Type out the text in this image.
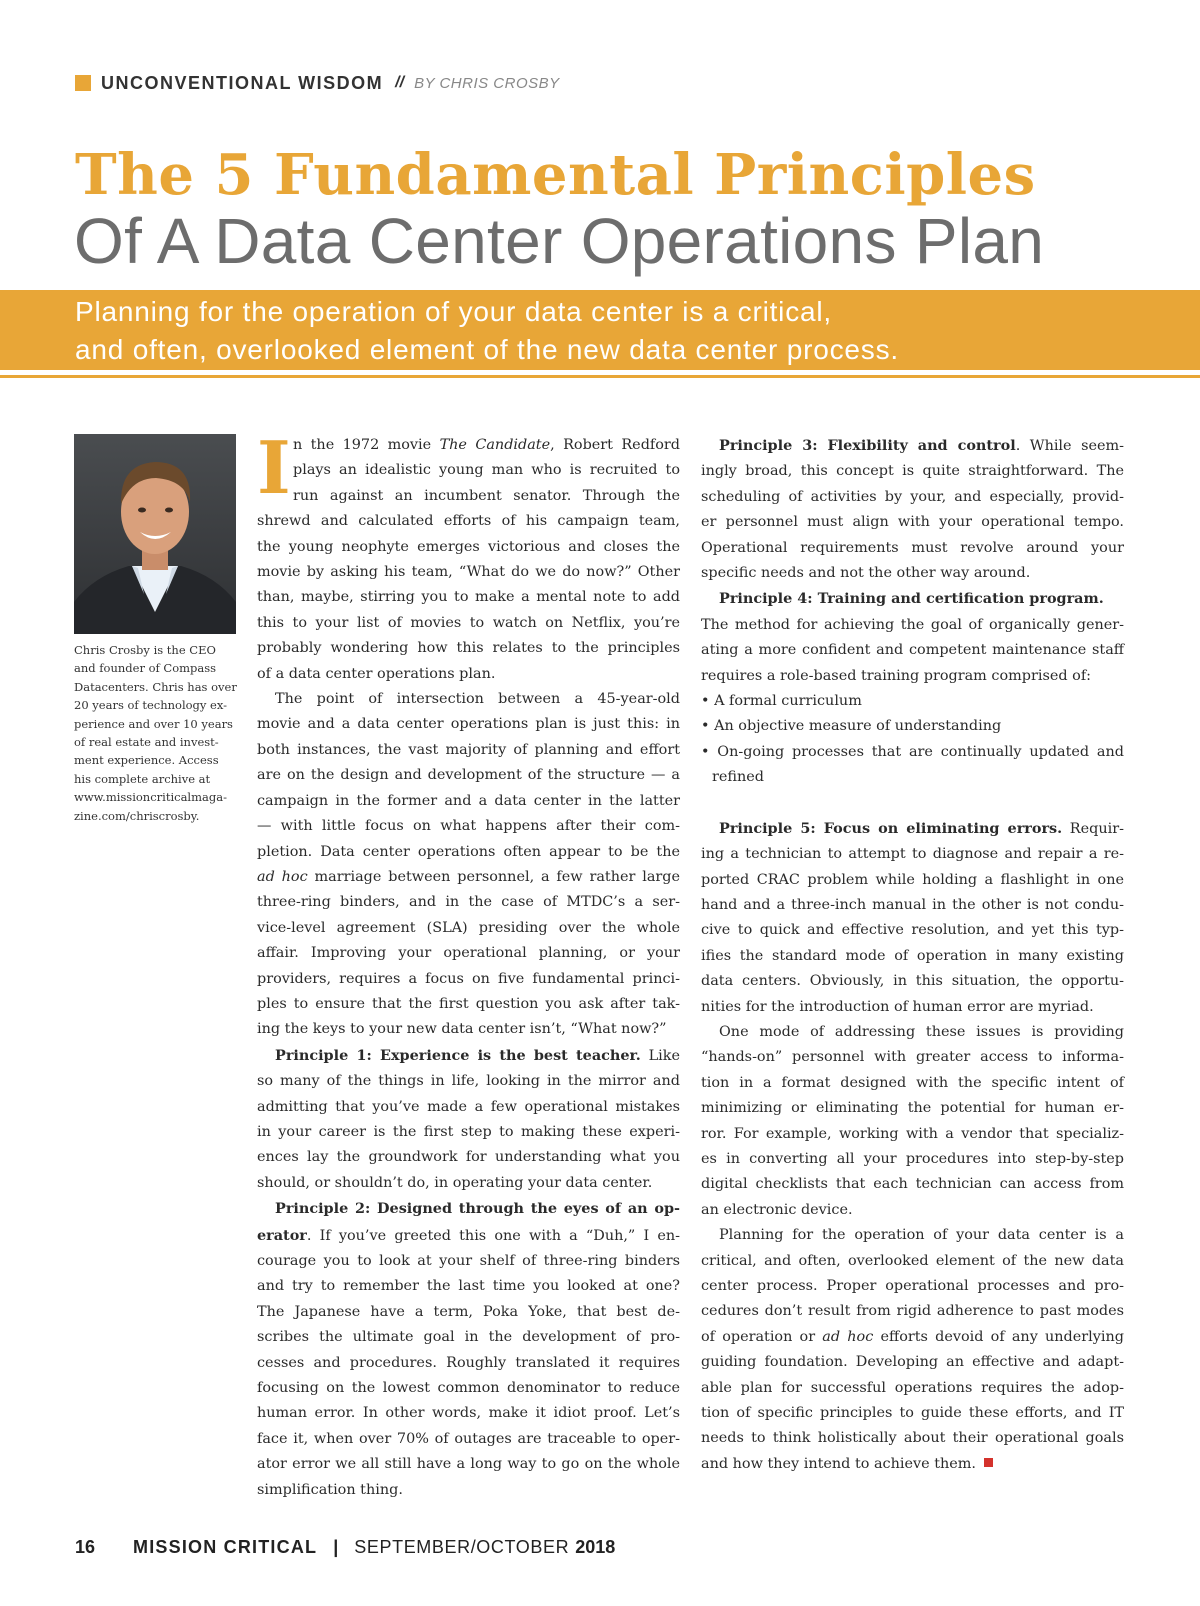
UNCONVENTIONAL WISDOM // BY CHRIS CROSBY
The 5 Fundamental Principles
Of A Data Center Operations Plan

Planning for the operation of your data center is a critical,
and often, overlooked element of the new data center process.

Chris Crosby is the CEO
and founder of Compass
Datacenters. Chris has over
20 years of technology ex-
perience and over 10 years
of real estate and invest-
ment experience. Access
his complete archive at
www.missioncriticalmaga-
zine.com/chriscrosby.
I n the 1972 movie The Candidate, Robert Redford
plays an idealistic young man who is recruited to
run against an incumbent senator. Through the
shrewd and calculated efforts of his campaign team,
the young neophyte emerges victorious and closes the
movie by asking his team, “What do we do now?” Other
than, maybe, stirring you to make a mental note to add
this to your list of movies to watch on Netflix, you’re
probably wondering how this relates to the principles
of a data center operations plan.
The point of intersection between a 45-year-old
movie and a data center operations plan is just this: in
both instances, the vast majority of planning and effort
are on the design and development of the structure — a
campaign in the former and a data center in the latter
— with little focus on what happens after their com-
pletion. Data center operations often appear to be the
ad hoc marriage between personnel, a few rather large
three-ring binders, and in the case of MTDC’s a ser-
vice-level agreement (SLA) presiding over the whole
affair. Improving your operational planning, or your
providers, requires a focus on five fundamental princi-
ples to ensure that the first question you ask after tak-
ing the keys to your new data center isn’t, “What now?”
Principle 1: Experience is the best teacher. Like
so many of the things in life, looking in the mirror and
admitting that you’ve made a few operational mistakes
in your career is the first step to making these experi-
ences lay the groundwork for understanding what you
should, or shouldn’t do, in operating your data center.
Principle 2: Designed through the eyes of an op-
erator. If you’ve greeted this one with a “Duh,” I en-
courage you to look at your shelf of three-ring binders
and try to remember the last time you looked at one?
The Japanese have a term, Poka Yoke, that best de-
scribes the ultimate goal in the development of pro-
cesses and procedures. Roughly translated it requires
focusing on the lowest common denominator to reduce
human error. In other words, make it idiot proof. Let’s
face it, when over 70% of outages are traceable to oper-
ator error we all still have a long way to go on the whole
simplification thing.
Principle 3: Flexibility and control. While seem-
ingly broad, this concept is quite straightforward. The
scheduling of activities by your, and especially, provid-
er personnel must align with your operational tempo.
Operational requirements must revolve around your
specific needs and not the other way around.
Principle 4: Training and certification program.
The method for achieving the goal of organically gener-
ating a more confident and competent maintenance staff
requires a role-based training program comprised of:
• A formal curriculum
• An objective measure of understanding
• On-going processes that are continually updated and
refined
Principle 5: Focus on eliminating errors. Requir-
ing a technician to attempt to diagnose and repair a re-
ported CRAC problem while holding a flashlight in one
hand and a three-inch manual in the other is not condu-
cive to quick and effective resolution, and yet this typ-
ifies the standard mode of operation in many existing
data centers. Obviously, in this situation, the opportu-
nities for the introduction of human error are myriad.
One mode of addressing these issues is providing
“hands-on” personnel with greater access to informa-
tion in a format designed with the specific intent of
minimizing or eliminating the potential for human er-
ror. For example, working with a vendor that specializ-
es in converting all your procedures into step-by-step
digital checklists that each technician can access from
an electronic device.
Planning for the operation of your data center is a
critical, and often, overlooked element of the new data
center process. Proper operational processes and pro-
cedures don’t result from rigid adherence to past modes
of operation or ad hoc efforts devoid of any underlying
guiding foundation. Developing an effective and adapt-
able plan for successful operations requires the adop-
tion of specific principles to guide these efforts, and IT
needs to think holistically about their operational goals
and how they intend to achieve them.
16 MISSION CRITICAL | SEPTEMBER/OCTOBER 2018
